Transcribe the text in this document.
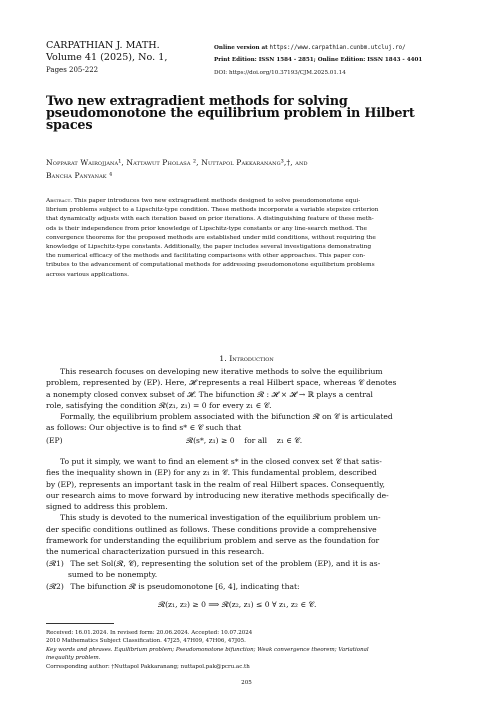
CARPATHIAN J. MATH.
Volume 41 (2025), No. 1,
Pages 205-222
Online version at https://www.carpathian.cunbm.utcluj.ro/
Print Edition: ISSN 1584 - 2851; Online Edition: ISSN 1843 - 4401
DOI: https://doi.org/10.37193/CJM.2025.01.14
Two new extragradient methods for solving
pseudomonotone the equilibrium problem in Hilbert
spaces
Nopparat Wairojjana¹, Nattawut Pholasa ², Nuttapol Pakkaranang³,†, and
Bancha Panyanak ⁴
Abstract. This paper introduces two new extragradient methods designed to solve pseudomonotone equi-
librium problems subject to a Lipschitz-type condition. These methods incorporate a variable stepsize criterion
that dynamically adjusts with each iteration based on prior iterations. A distinguishing feature of these meth-
ods is their independence from prior knowledge of Lipschitz-type constants or any line-search method. The
convergence theorems for the proposed methods are established under mild conditions, without requiring the
knowledge of Lipschitz-type constants. Additionally, the paper includes several investigations demonstrating
the numerical efficacy of the methods and facilitating comparisons with other approaches. This paper con-
tributes to the advancement of computational methods for addressing pseudomonotone equilibrium problems
across various applications.
1. Introduction
This research focuses on developing new iterative methods to solve the equilibrium
problem, represented by (EP). Here, 𝓗 represents a real Hilbert space, whereas 𝒞 denotes
a nonempty closed convex subset of 𝓗. The bifunction 𝓡 : 𝓗 × 𝓗 → ℝ plays a central
role, satisfying the condition 𝓡(z₁, z₁) = 0 for every z₁ ∈ 𝒞.
Formally, the equilibrium problem associated with the bifunction 𝓡 on 𝒞 is articulated
as follows: Our objective is to find s* ∈ 𝒞 such that
(EP)	𝓡(s*, z₁) ≥ 0    for all    z₁ ∈ 𝒞.
To put it simply, we want to find an element s* in the closed convex set 𝒞 that satis-
fies the inequality shown in (EP) for any z₁ in 𝒞. This fundamental problem, described
by (EP), represents an important task in the realm of real Hilbert spaces. Consequently,
our research aims to move forward by introducing new iterative methods specifically de-
signed to address this problem.
This study is devoted to the numerical investigation of the equilibrium problem un-
der specific conditions outlined as follows. These conditions provide a comprehensive
framework for understanding the equilibrium problem and serve as the foundation for
the numerical characterization pursued in this research.
(𝓡1) The set Sol(𝓡, 𝒞), representing the solution set of the problem (EP), and it is as-
sumed to be nonempty.
(𝓡2) The bifunction 𝓡 is pseudomonotone [6, 4], indicating that:
𝓡(z₁, z₂) ≥ 0 ⟹ 𝓡(z₂, z₁) ≤ 0 ∀ z₁, z₂ ∈ 𝒞.
Received: 16.01.2024. In revised form: 20.06.2024. Accepted: 10.07.2024
2010 Mathematics Subject Classification. 47J25, 47H09, 47H06, 47J05.
Key words and phrases. Equilibrium problem; Pseudomonotone bifunction; Weak convergence theorem; Variational
inequality problem.
Corresponding author: †Nuttapol Pakkaranang; nuttapol.pak@pcru.ac.th
205
